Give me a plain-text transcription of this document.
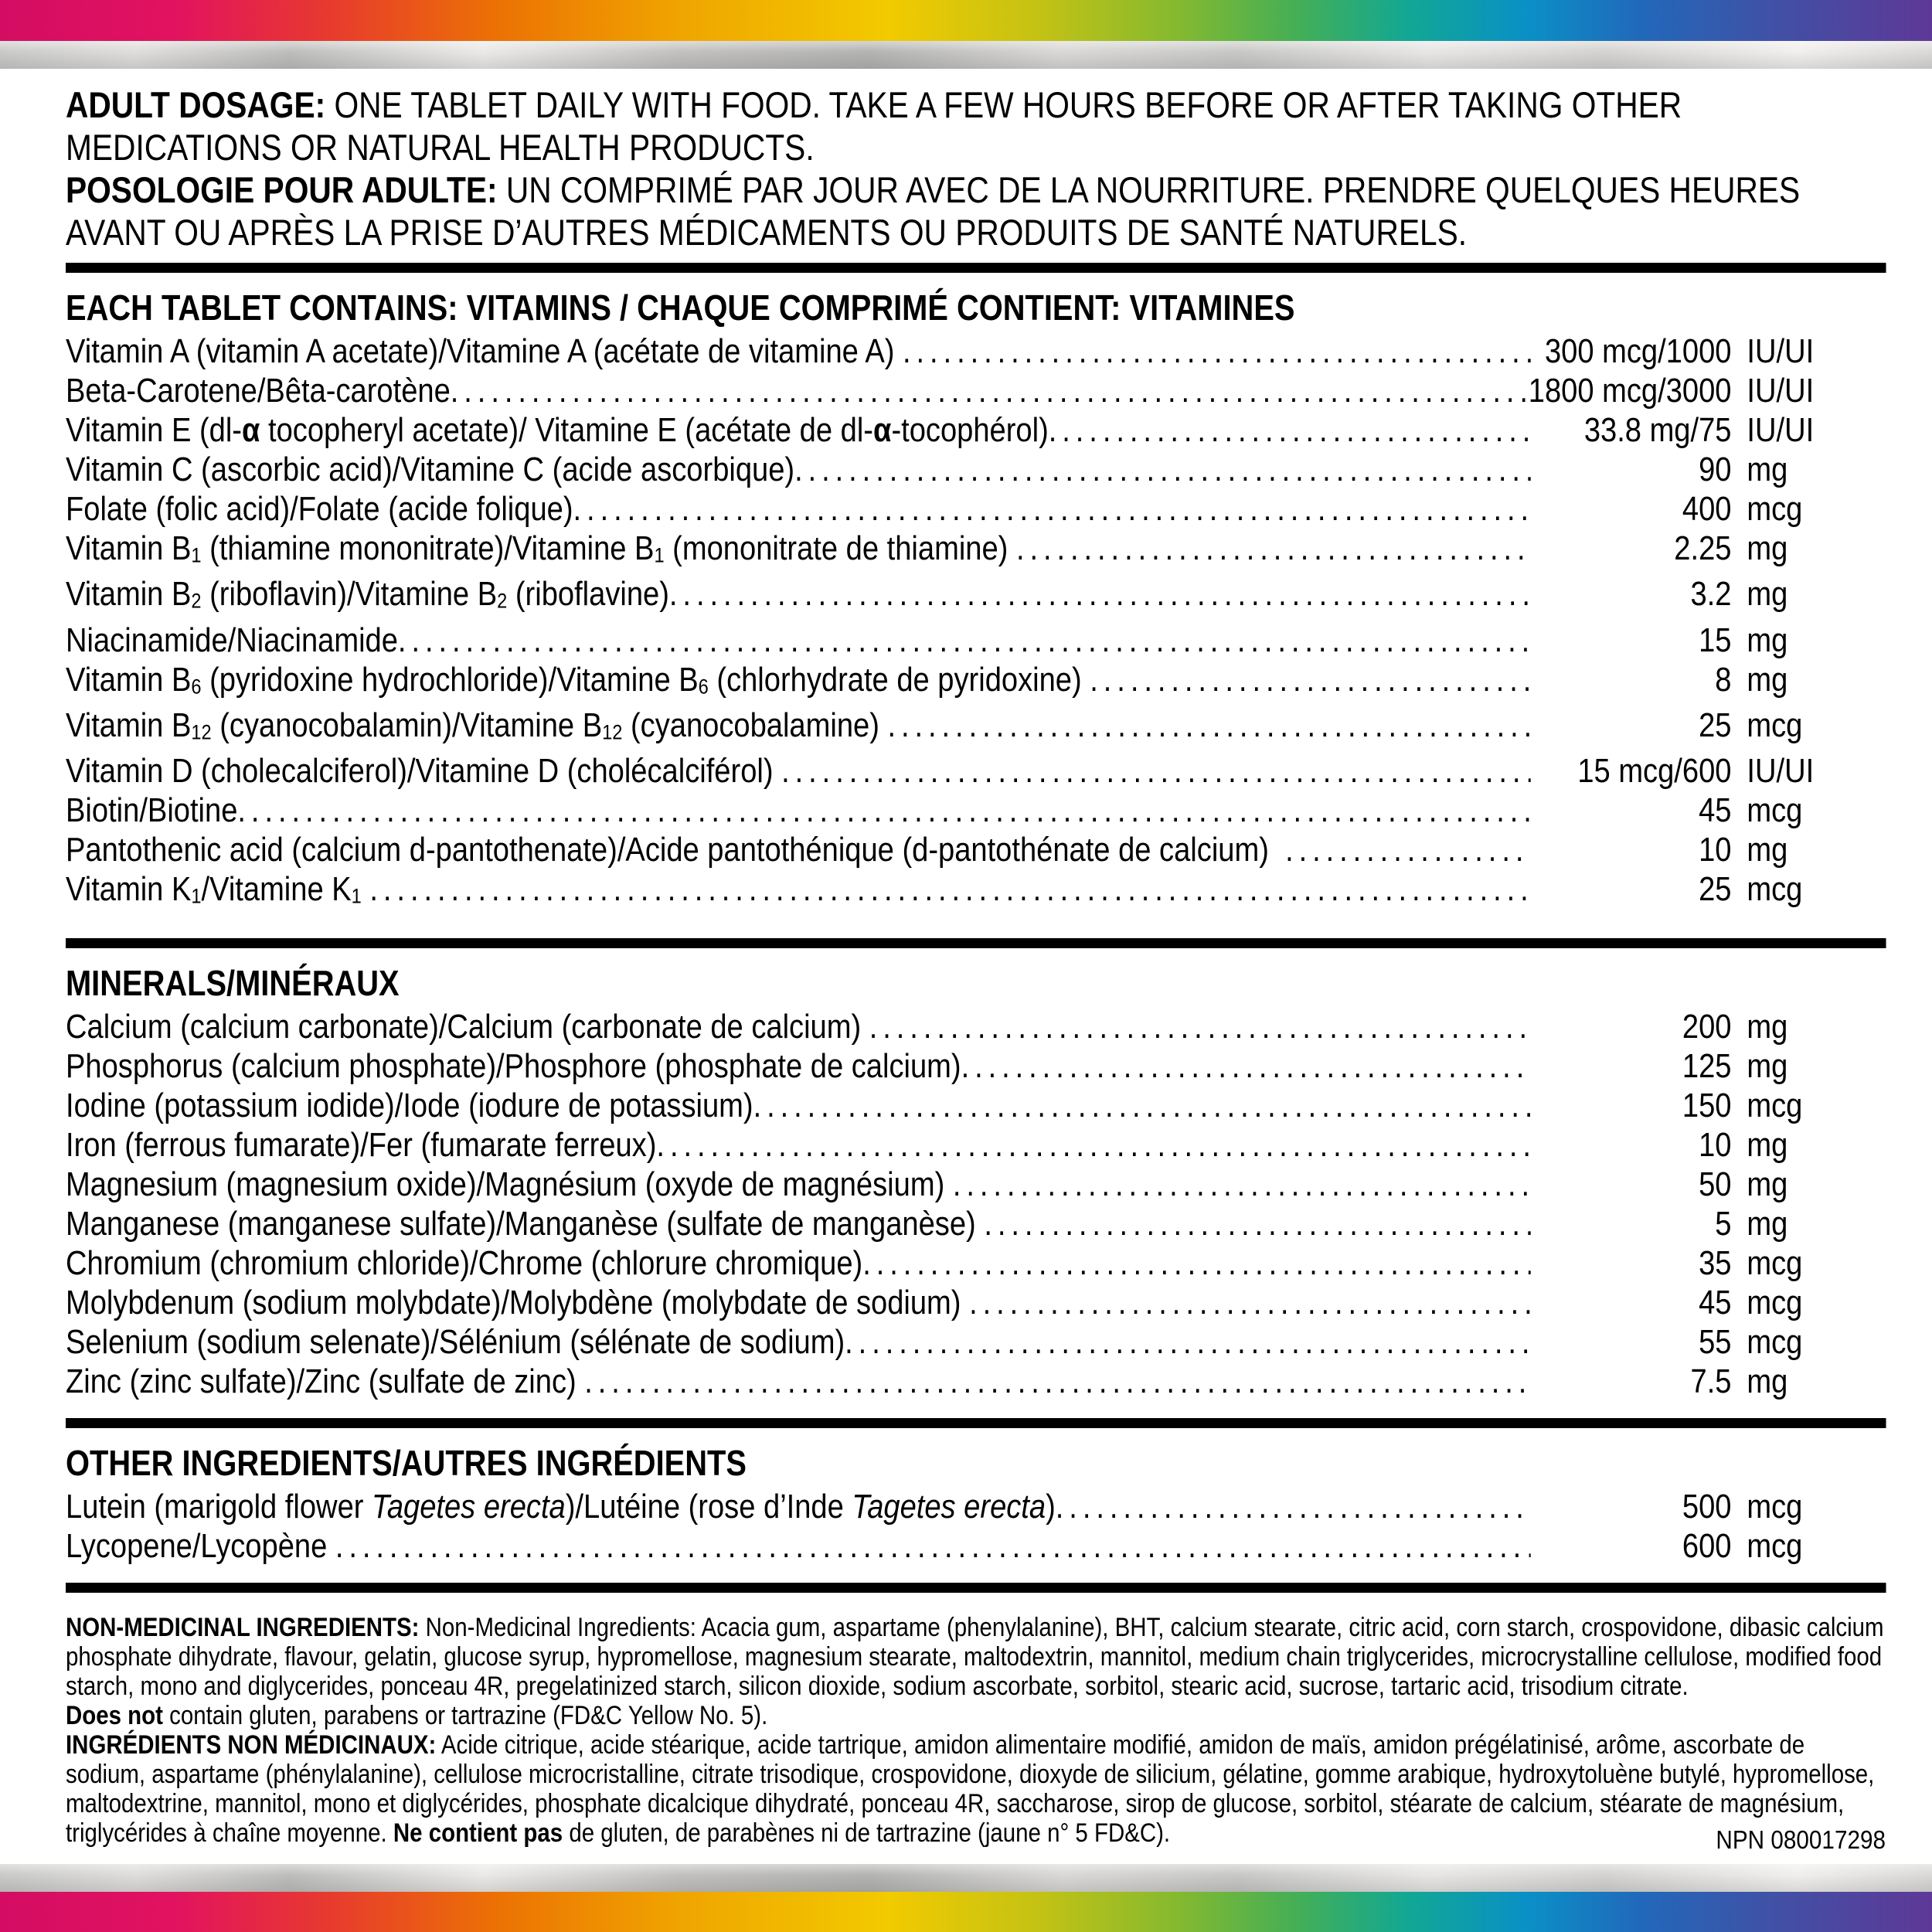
ADULT DOSAGE: ONE TABLET DAILY WITH FOOD. TAKE A FEW HOURS BEFORE OR AFTER TAKING OTHER MEDICATIONS OR NATURAL HEALTH PRODUCTS.

POSOLOGIE POUR ADULTE: UN COMPRIMÉ PAR JOUR AVEC DE LA NOURRITURE. PRENDRE QUELQUES HEURES AVANT OU APRÈS LA PRISE D’AUTRES MÉDICAMENTS OU PRODUITS DE SANTÉ NATURELS.

EACH TABLET CONTAINS: VITAMINS / CHAQUE COMPRIMÉ CONTIENT: VITAMINES
Vitamin A (vitamin A acetate)/Vitamine A (acétate de vitamine A) .....	300 mcg/1000 IU/UI
Beta-Carotene/Bêta-carotène .....	1800 mcg/3000 IU/UI
Vitamin E (dl-α tocopheryl acetate)/ Vitamine E (acétate de dl-α-tocophérol) .....	33.8 mg/75 IU/UI
Vitamin C (ascorbic acid)/Vitamine C (acide ascorbique) .....	90 mg
Folate (folic acid)/Folate (acide folique) .....	400 mcg
Vitamin B1 (thiamine mononitrate)/Vitamine B1 (mononitrate de thiamine) .....	2.25 mg
Vitamin B2 (riboflavin)/Vitamine B2 (riboflavine) .....	3.2 mg
Niacinamide/Niacinamide .....	15 mg
Vitamin B6 (pyridoxine hydrochloride)/Vitamine B6 (chlorhydrate de pyridoxine) .....	8 mg
Vitamin B12 (cyanocobalamin)/Vitamine B12 (cyanocobalamine) .....	25 mcg
Vitamin D (cholecalciferol)/Vitamine D (cholécalciférol) .....	15 mcg/600 IU/UI
Biotin/Biotine .....	45 mcg
Pantothenic acid (calcium d-pantothenate)/Acide pantothénique (d-pantothénate de calcium) .....	10 mg
Vitamin K1/Vitamine K1 .....	25 mcg
MINERALS/MINÉRAUX
Calcium (calcium carbonate)/Calcium (carbonate de calcium) .....	200 mg
Phosphorus (calcium phosphate)/Phosphore (phosphate de calcium) .....	125 mg
Iodine (potassium iodide)/Iode (iodure de potassium) .....	150 mcg
Iron (ferrous fumarate)/Fer (fumarate ferreux) .....	10 mg
Magnesium (magnesium oxide)/Magnésium (oxyde de magnésium) .....	50 mg
Manganese (manganese sulfate)/Manganèse (sulfate de manganèse) .....	5 mg
Chromium (chromium chloride)/Chrome (chlorure chromique) .....	35 mcg
Molybdenum (sodium molybdate)/Molybdène (molybdate de sodium) .....	45 mcg
Selenium (sodium selenate)/Sélénium (sélénate de sodium) .....	55 mcg
Zinc (zinc sulfate)/Zinc (sulfate de zinc) .....	7.5 mg
OTHER INGREDIENTS/AUTRES INGRÉDIENTS
Lutein (marigold flower Tagetes erecta)/Lutéine (rose d’Inde Tagetes erecta) .....	500 mcg
Lycopene/Lycopène .....	600 mcg

NON-MEDICINAL INGREDIENTS: Non-Medicinal Ingredients: Acacia gum, aspartame (phenylalanine), BHT, calcium stearate, citric acid, corn starch, crospovidone, dibasic calcium phosphate dihydrate, flavour, gelatin, glucose syrup, hypromellose, magnesium stearate, maltodextrin, mannitol, medium chain triglycerides, microcrystalline cellulose, modified food starch, mono and diglycerides, ponceau 4R, pregelatinized starch, silicon dioxide, sodium ascorbate, sorbitol, stearic acid, sucrose, tartaric acid, trisodium citrate.

Does not contain gluten, parabens or tartrazine (FD&C Yellow No. 5).

INGRÉDIENTS NON MÉDICINAUX: Acide citrique, acide stéarique, acide tartrique, amidon alimentaire modifié, amidon de maïs, amidon prégélatinisé, arôme, ascorbate de sodium, aspartame (phénylalanine), cellulose microcristalline, citrate trisodique, crospovidone, dioxyde de silicium, gélatine, gomme arabique, hydroxytoluène butylé, hypromellose, maltodextrine, mannitol, mono et diglycérides, phosphate dicalcique dihydraté, ponceau 4R, saccharose, sirop de glucose, sorbitol, stéarate de calcium, stéarate de magnésium, triglycérides à chaîne moyenne. Ne contient pas de gluten, de parabènes ni de tartrazine (jaune n° 5 FD&C).	NPN 080017298
